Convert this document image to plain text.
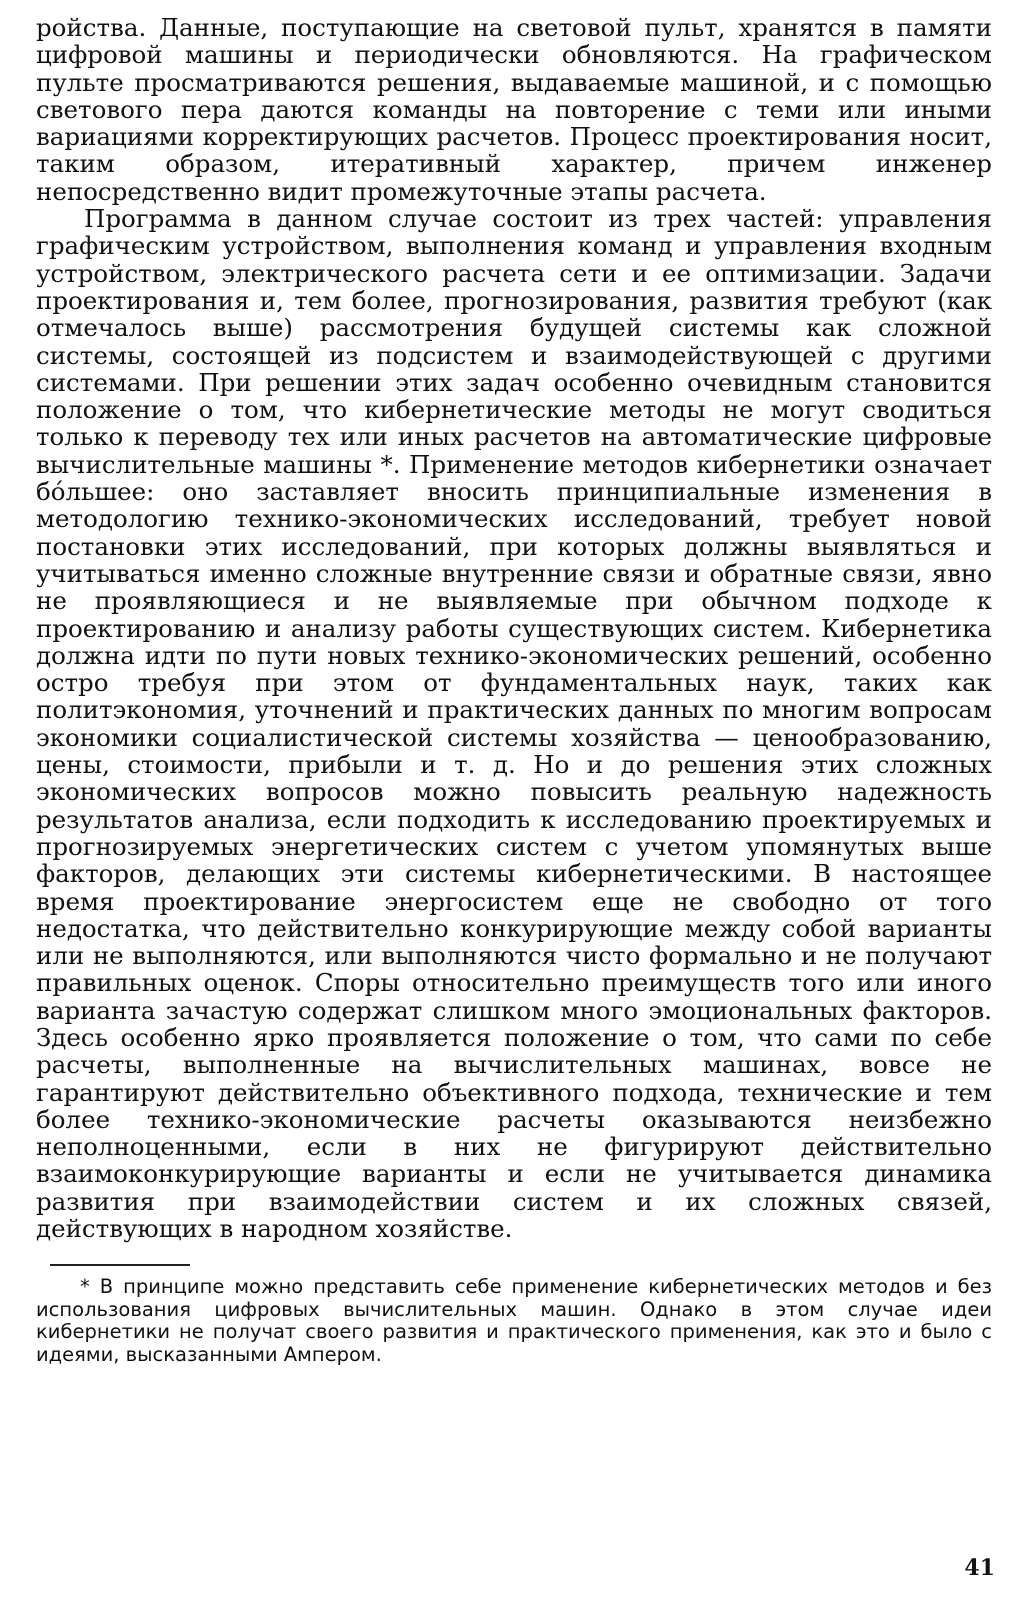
ройства. Данные, поступающие на световой пульт, хранятся в памяти цифровой машины и периодически обновляются. На графическом пульте просматриваются решения, выдаваемые машиной, и с помощью светового пера даются команды на повторение с теми или иными вариациями корректирующих расчетов. Процесс проектирования носит, таким образом, итеративный характер, причем инженер непосредственно видит промежуточные этапы расчета.

Программа в данном случае состоит из трех частей: управления графическим устройством, выполнения команд и управления входным устройством, электрического расчета сети и ее оптимизации. Задачи проектирования и, тем более, прогнозирования, развития требуют (как отмечалось выше) рассмотрения будущей системы как сложной системы, состоящей из подсистем и взаимодействующей с другими системами. При решении этих задач особенно очевидным становится положение о том, что кибернетические методы не могут сводиться только к переводу тех или иных расчетов на автоматические цифровые вычислительные машины *. Применение методов кибернетики означает бо́льшее: оно заставляет вносить принципиальные изменения в методологию технико-экономических исследований, требует новой постановки этих исследований, при которых должны выявляться и учитываться именно сложные внутренние связи и обратные связи, явно не проявляющиеся и не выявляемые при обычном подходе к проектированию и анализу работы существующих систем. Кибернетика должна идти по пути новых технико-экономических решений, особенно остро требуя при этом от фундаментальных наук, таких как политэкономия, уточнений и практических данных по многим вопросам экономики социалистической системы хозяйства — ценообразованию, цены, стоимости, прибыли и т. д. Но и до решения этих сложных экономических вопросов можно повысить реальную надежность результатов анализа, если подходить к исследованию проектируемых и прогнозируемых энергетических систем с учетом упомянутых выше факторов, делающих эти системы кибернетическими. В настоящее время проектирование энергосистем еще не свободно от того недостатка, что действительно конкурирующие между собой варианты или не выполняются, или выполняются чисто формально и не получают правильных оценок. Споры относительно преимуществ того или иного варианта зачастую содержат слишком много эмоциональных факторов. Здесь особенно ярко проявляется положение о том, что сами по себе расчеты, выполненные на вычислительных машинах, вовсе не гарантируют действительно объективного подхода, технические и тем более технико-экономические расчеты оказываются неизбежно неполноценными, если в них не фигурируют действительно взаимоконкурирующие варианты и если не учитывается динамика развития при взаимодействии систем и их сложных связей, действующих в народном хозяйстве.

* В принципе можно представить себе применение кибернетических методов и без использования цифровых вычислительных машин. Однако в этом случае идеи кибернетики не получат своего развития и практического применения, как это и было с идеями, высказанными Ампером.

41
